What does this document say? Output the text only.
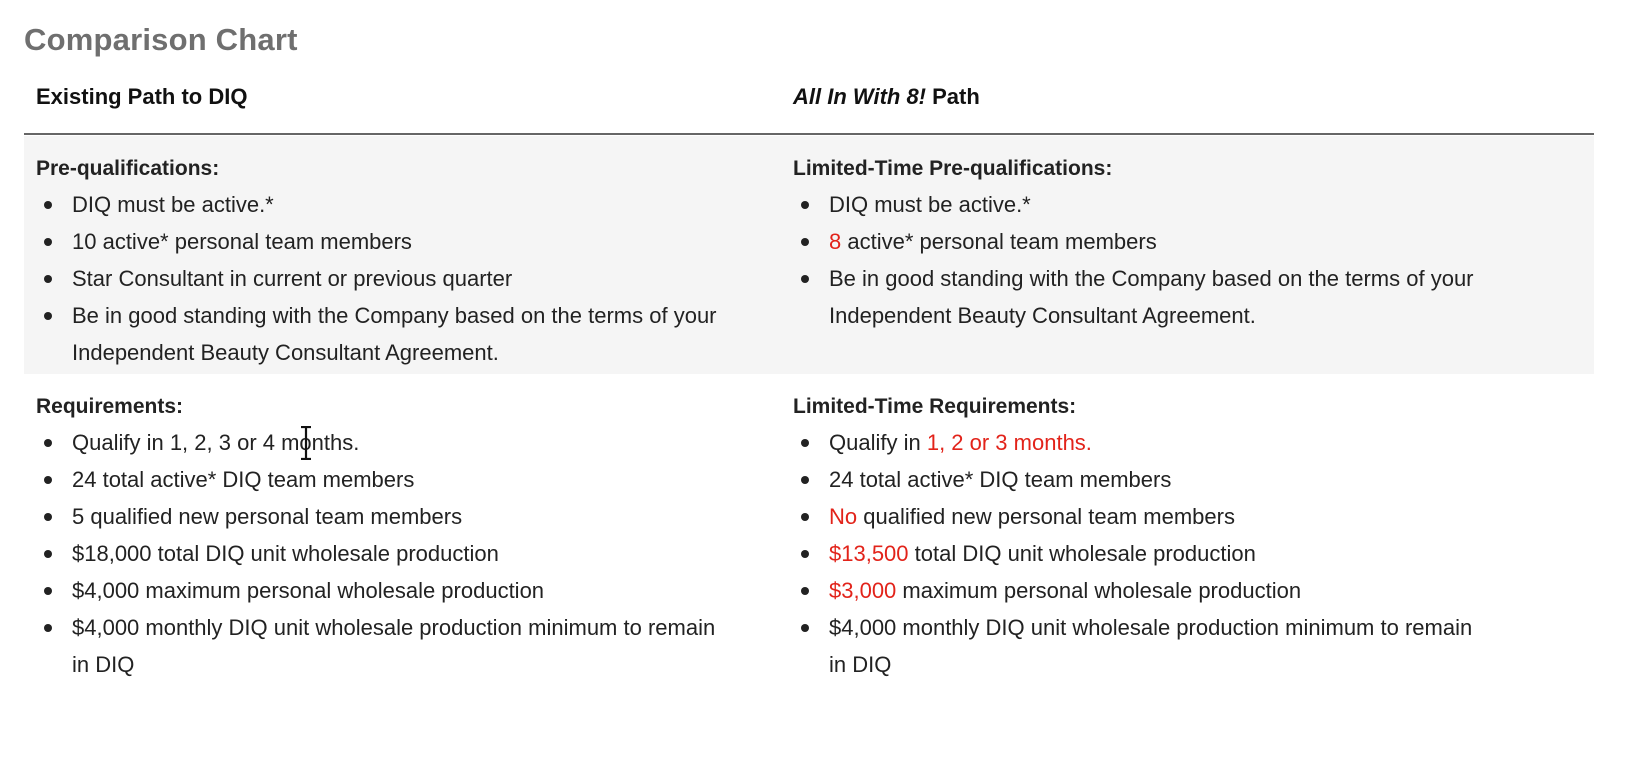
Comparison Chart
Existing Path to DIQ	All In With 8! Path
Pre-qualifications:
DIQ must be active.*
10 active* personal team members
Star Consultant in current or previous quarter
Be in good standing with the Company based on the terms of your Independent Beauty Consultant Agreement.
Limited-Time Pre-qualifications:
DIQ must be active.*
8 active* personal team members
Be in good standing with the Company based on the terms of your Independent Beauty Consultant Agreement.
Requirements:
Qualify in 1, 2, 3 or 4 months.
24 total active* DIQ team members
5 qualified new personal team members
$18,000 total DIQ unit wholesale production
$4,000 maximum personal wholesale production
$4,000 monthly DIQ unit wholesale production minimum to remain in DIQ
Limited-Time Requirements:
Qualify in 1, 2 or 3 months.
24 total active* DIQ team members
No qualified new personal team members
$13,500 total DIQ unit wholesale production
$3,000 maximum personal wholesale production
$4,000 monthly DIQ unit wholesale production minimum to remain in DIQ
